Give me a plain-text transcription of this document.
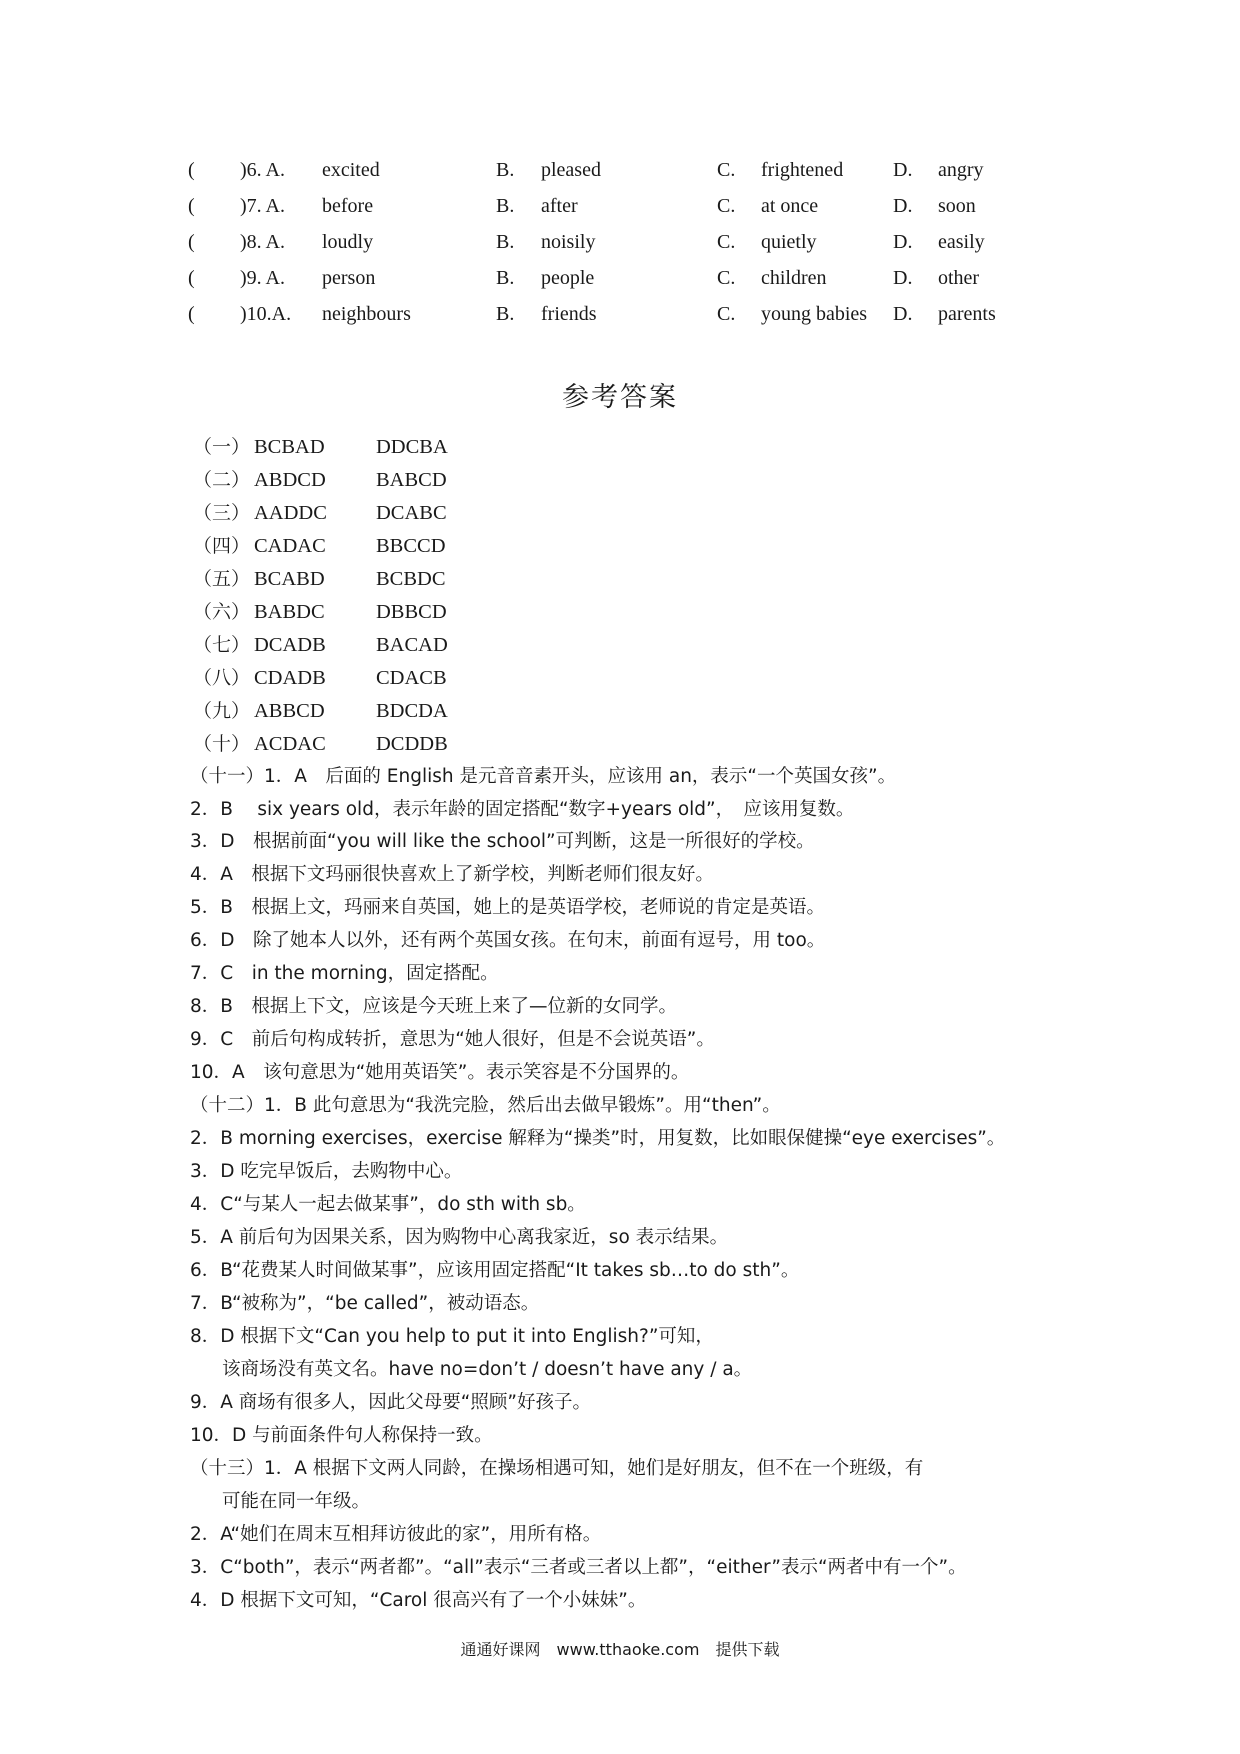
( )6. A. excited	B. pleased	C. frightened D. angry
( )7. A. before	B. after	C. at once	D. soon
( )8. A. loudly	B. noisily	C. quietly	D. easily
( )9. A. person	B. people	C. children	D. other
( )10.A. neighbours	B. friends	C. young babies D. parents
参考答案
（一） BCBAD	DDCBA
（二） ABDCD BABCD
（三） AADDC DCABC
（四） CADAC BBCCD
（五） BCABD	BCBDC
（六） BABDC	DBBCD
（七） DCADB BACAD
（八） CDADB CDACB
（九） ABBCD	BDCDA
（十） ACDAC DCDDB
（十一）1．A　后面的 English 是元音音素开头，应该用 an，表示“一个英国女孩”。
2．B　 six years old，表示年龄的固定搭配“数字+years old”，　应该用复数。
3．D　根据前面“you will like the school”可判断，这是一所很好的学校。
4．A　根据下文玛丽很快喜欢上了新学校，判断老师们很友好。
5．B　根据上文，玛丽来自英国，她上的是英语学校，老师说的肯定是英语。
6．D　除了她本人以外，还有两个英国女孩。在句末，前面有逗号，用 too。
7．C　in the morning，固定搭配。
8．B　根据上下文，应该是今天班上来了—位新的女同学。
9．C　前后句构成转折，意思为“她人很好，但是不会说英语”。
10．A　该句意思为“她用英语笑”。表示笑容是不分国界的。
（十二）1．B 此句意思为“我洗完脸，然后出去做早锻炼”。用“then”。
2．B morning exercises，exercise 解释为“操类”时，用复数，比如眼保健操“eye exercises”。
3．D 吃完早饭后，去购物中心。
4．C“与某人一起去做某事”，do sth with sb。
5．A 前后句为因果关系，因为购物中心离我家近，so 表示结果。
6．B“花费某人时间做某事”，应该用固定搭配“It takes sb…to do sth”。
7．B“被称为”，“be called”，被动语态。
8．D 根据下文“Can you help to put it into English?”可知，
该商场没有英文名。have no=don’t / doesn’t have any / a。
9．A 商场有很多人，因此父母要“照顾”好孩子。
10．D 与前面条件句人称保持一致。
（十三）1．A 根据下文两人同龄，在操场相遇可知，她们是好朋友，但不在一个班级，有
可能在同一年级。
2．A“她们在周末互相拜访彼此的家”，用所有格。
3．C“both”，表示“两者都”。“all”表示“三者或三者以上都”，“either”表示“两者中有一个”。
4．D 根据下文可知，“Carol 很高兴有了一个小妹妹”。
通通好课网　www.tthaoke.com　提供下载
